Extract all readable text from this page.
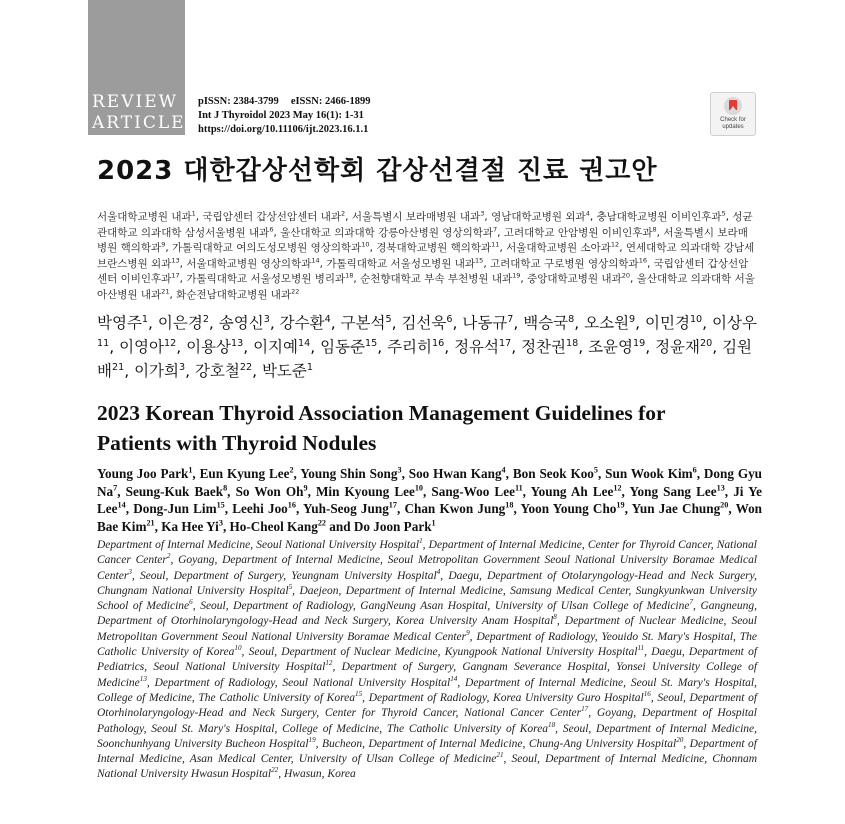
REVIEW
ARTICLE
pISSN: 2384-3799 eISSN: 2466-1899
Int J Thyroidol 2023 May 16(1): 1-31
https://doi.org/10.11106/ijt.2023.16.1.1
Check for
updates
2023 대한갑상선학회 갑상선결절 진료 권고안
서울대학교병원 내과$^1$, 국립암센터 갑상선암센터 내과$^2$, 서울특별시 보라매병원 내과$^3$, 영남대학교병원 외과$^4$, 충남대학교병원 이비인후과$^5$, 성균관대학교 의과대학 삼성서울병원 내과$^6$, 울산대학교 의과대학 강릉아산병원 영상의학과$^7$, 고려대학교 안암병원 이비인후과$^8$, 서울특별시 보라매병원 핵의학과$^9$, 가톨릭대학교 여의도성모병원 영상의학과$^{10}$, 경북대학교병원 핵의학과$^{11}$, 서울대학교병원 소아과$^{12}$, 연세대학교 의과대학 강남세브란스병원 외과$^{13}$, 서울대학교병원 영상의학과$^{14}$, 가톨릭대학교 서울성모병원 내과$^{15}$, 고려대학교 구로병원 영상의학과$^{16}$, 국립암센터 갑상선암센터 이비인후과$^{17}$, 가톨릭대학교 서울성모병원 병리과$^{18}$, 순천향대학교 부속 부천병원 내과$^{19}$, 중앙대학교병원 내과$^{20}$, 울산대학교 의과대학 서울아산병원 내과$^{21}$, 화순전남대학교병원 내과$^{22}$
박영주$^1$, 이은경$^2$, 송영신$^3$, 강수환$^4$, 구본석$^5$, 김선욱$^6$, 나동규$^7$, 백승국$^8$, 오소원$^9$, 이민경$^{10}$, 이상우$^{11}$, 이영아$^{12}$, 이용상$^{13}$, 이지예$^{14}$, 임동준$^{15}$, 주리히$^{16}$, 정유석$^{17}$, 정찬권$^{18}$, 조윤영$^{19}$, 정윤재$^{20}$, 김원배$^{21}$, 이가희$^3$, 강호철$^{22}$, 박도준$^1$
2023 Korean Thyroid Association Management Guidelines for
Patients with Thyroid Nodules
Young Joo Park$^1$, Eun Kyung Lee$^2$, Young Shin Song$^3$, Soo Hwan Kang$^4$, Bon Seok Koo$^5$, Sun Wook Kim$^6$, Dong Gyu Na$^7$, Seung-Kuk Baek$^8$, So Won Oh$^9$, Min Kyoung Lee$^{10}$, Sang-Woo Lee$^{11}$, Young Ah Lee$^{12}$, Yong Sang Lee$^{13}$, Ji Ye Lee$^{14}$, Dong-Jun Lim$^{15}$, Leehi Joo$^{16}$, Yuh-Seog Jung$^{17}$, Chan Kwon Jung$^{18}$, Yoon Young Cho$^{19}$, Yun Jae Chung$^{20}$, Won Bae Kim$^{21}$, Ka Hee Yi$^3$, Ho-Cheol Kang$^{22}$ and Do Joon Park$^1$
Department of Internal Medicine, Seoul National University Hospital$^1$, Department of Internal Medicine, Center for Thyroid Cancer, National Cancer Center$^2$, Goyang, Department of Internal Medicine, Seoul Metropolitan Government Seoul National University Boramae Medical Center$^3$, Seoul, Department of Surgery, Yeungnam University Hospital$^4$, Daegu, Department of Otolaryngology-Head and Neck Surgery, Chungnam National University Hospital$^5$, Daejeon, Department of Internal Medicine, Samsung Medical Center, Sungkyunkwan University School of Medicine$^6$, Seoul, Department of Radiology, GangNeung Asan Hospital, University of Ulsan College of Medicine$^7$, Gangneung, Department of Otorhinolaryngology-Head and Neck Surgery, Korea University Anam Hospital$^8$, Department of Nuclear Medicine, Seoul Metropolitan Government Seoul National University Boramae Medical Center$^9$, Department of Radiology, Yeouido St. Mary's Hospital, The Catholic University of Korea$^{10}$, Seoul, Department of Nuclear Medicine, Kyungpook National University Hospital$^{11}$, Daegu, Department of Pediatrics, Seoul National University Hospital$^{12}$, Department of Surgery, Gangnam Severance Hospital, Yonsei University College of Medicine$^{13}$, Department of Radiology, Seoul National University Hospital$^{14}$, Department of Internal Medicine, Seoul St. Mary's Hospital, College of Medicine, The Catholic University of Korea$^{15}$, Department of Radiology, Korea University Guro Hospital$^{16}$, Seoul, Department of Otorhinolaryngology-Head and Neck Surgery, Center for Thyroid Cancer, National Cancer Center$^{17}$, Goyang, Department of Hospital Pathology, Seoul St. Mary's Hospital, College of Medicine, The Catholic University of Korea$^{18}$, Seoul, Department of Internal Medicine, Soonchunhyang University Bucheon Hospital$^{19}$, Bucheon, Department of Internal Medicine, Chung-Ang University Hospital$^{20}$, Department of Internal Medicine, Asan Medical Center, University of Ulsan College of Medicine$^{21}$, Seoul, Department of Internal Medicine, Chonnam National University Hwasun Hospital$^{22}$, Hwasun, Korea
